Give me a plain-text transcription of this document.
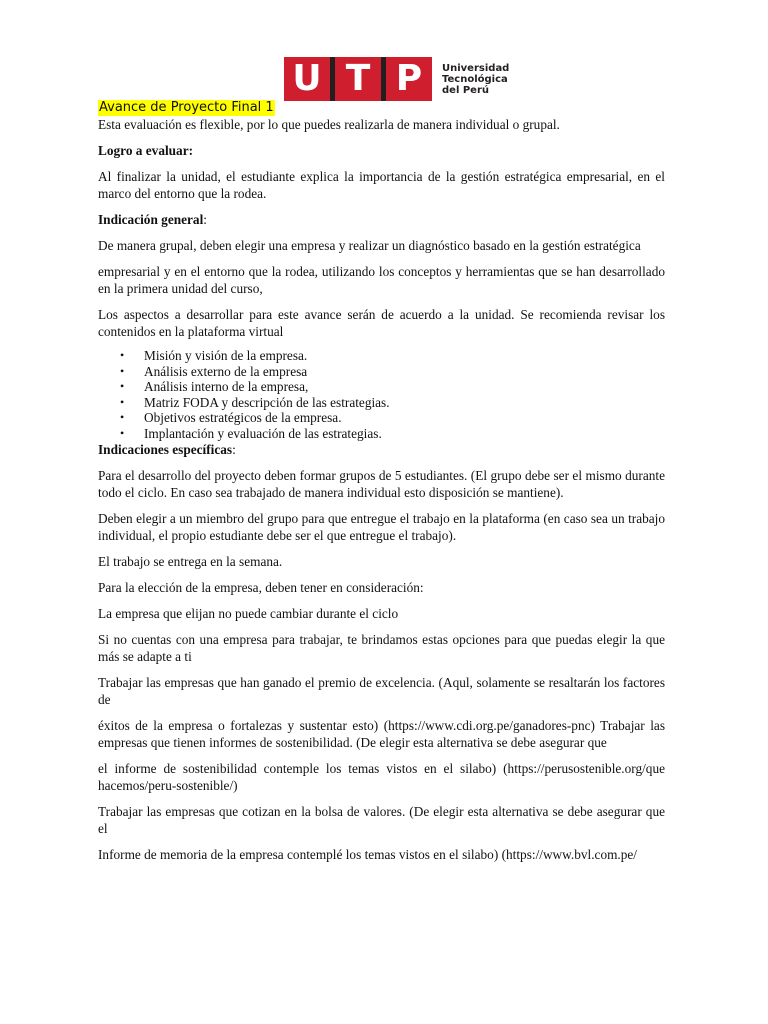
U T P	Universidad
Tecnológica
del Perú
Avance de Proyecto Final 1

Esta evaluación es flexible, por lo que puedes realizarla de manera individual o grupal.

Logro a evaluar:

Al finalizar la unidad, el estudiante explica la importancia de la gestión estratégica empresarial, en el marco del entorno que la rodea.

Indicación general:

De manera grupal, deben elegir una empresa y realizar un diagnóstico basado en la gestión estratégica

empresarial y en el entorno que la rodea, utilizando los conceptos y herramientas que se han desarrollado en la primera unidad del curso,

Los aspectos a desarrollar para este avance serán de acuerdo a la unidad. Se recomienda revisar los contenidos en la plataforma virtual

• Misión y visión de la empresa.
• Análisis externo de la empresa
• Análisis interno de la empresa,
• Matriz FODA y descripción de las estrategias.
• Objetivos estratégicos de la empresa.
• Implantación y evaluación de las estrategias.

Indicaciones específicas:

Para el desarrollo del proyecto deben formar grupos de 5 estudiantes. (El grupo debe ser el mismo durante todo el ciclo. En caso sea trabajado de manera individual esto disposición se mantiene).

Deben elegir a un miembro del grupo para que entregue el trabajo en la plataforma (en caso sea un trabajo individual, el propio estudiante debe ser el que entregue el trabajo).

El trabajo se entrega en la semana.

Para la elección de la empresa, deben tener en consideración:

La empresa que elijan no puede cambiar durante el ciclo

Si no cuentas con una empresa para trabajar, te brindamos estas opciones para que puedas elegir la que más se adapte a ti

Trabajar las empresas que han ganado el premio de excelencia. (Aqul, solamente se resaltarán los factores de

éxitos de la empresa o fortalezas y sustentar esto) (https://www.cdi.org.pe/ganadores-pnc) Trabajar las empresas que tienen informes de sostenibilidad. (De elegir esta alternativa se debe asegurar que

el informe de sostenibilidad contemple los temas vistos en el silabo) (https://perusostenible.org/que hacemos/peru-sostenible/)

Trabajar las empresas que cotizan en la bolsa de valores. (De elegir esta alternativa se debe asegurar que el

Informe de memoria de la empresa contemplé los temas vistos en el silabo) (https://www.bvl.com.pe/
